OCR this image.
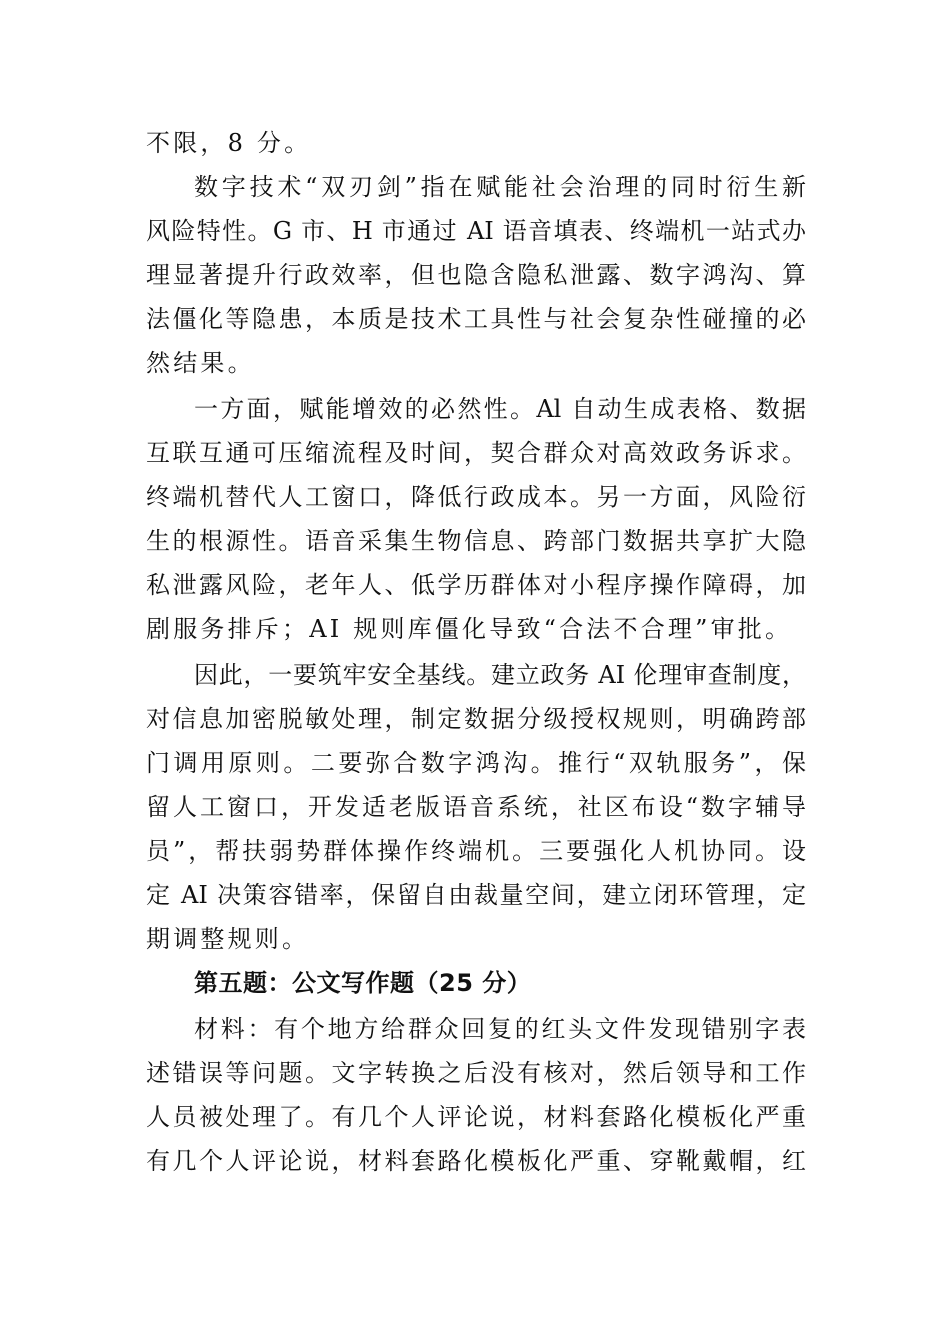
不限，8 分。
数字技术“双刃剑”指在赋能社会治理的同时衍生新
风险特性。G 市、H 市通过 AI 语音填表、终端机一站式办
理显著提升行政效率，但也隐含隐私泄露、数字鸿沟、算
法僵化等隐患，本质是技术工具性与社会复杂性碰撞的必
然结果。
一方面，赋能增效的必然性。Al 自动生成表格、数据
互联互通可压缩流程及时间，契合群众对高效政务诉求。
终端机替代人工窗口，降低行政成本。另一方面，风险衍
生的根源性。语音采集生物信息、跨部门数据共享扩大隐
私泄露风险，老年人、低学历群体对小程序操作障碍，加
剧服务排斥；AI 规则库僵化导致“合法不合理”审批。
因此，一要筑牢安全基线。建立政务 AI 伦理审查制度，
对信息加密脱敏处理，制定数据分级授权规则，明确跨部
门调用原则。二要弥合数字鸿沟。推行“双轨服务”，保
留人工窗口，开发适老版语音系统，社区布设“数字辅导
员”，帮扶弱势群体操作终端机。三要强化人机协同。设
定 AI 决策容错率，保留自由裁量空间，建立闭环管理，定
期调整规则。
第五题：公文写作题（25 分）
材料：有个地方给群众回复的红头文件发现错别字表
述错误等问题。文字转换之后没有核对，然后领导和工作
人员被处理了。有几个人评论说，材料套路化模板化严重
有几个人评论说，材料套路化模板化严重、穿靴戴帽，红
